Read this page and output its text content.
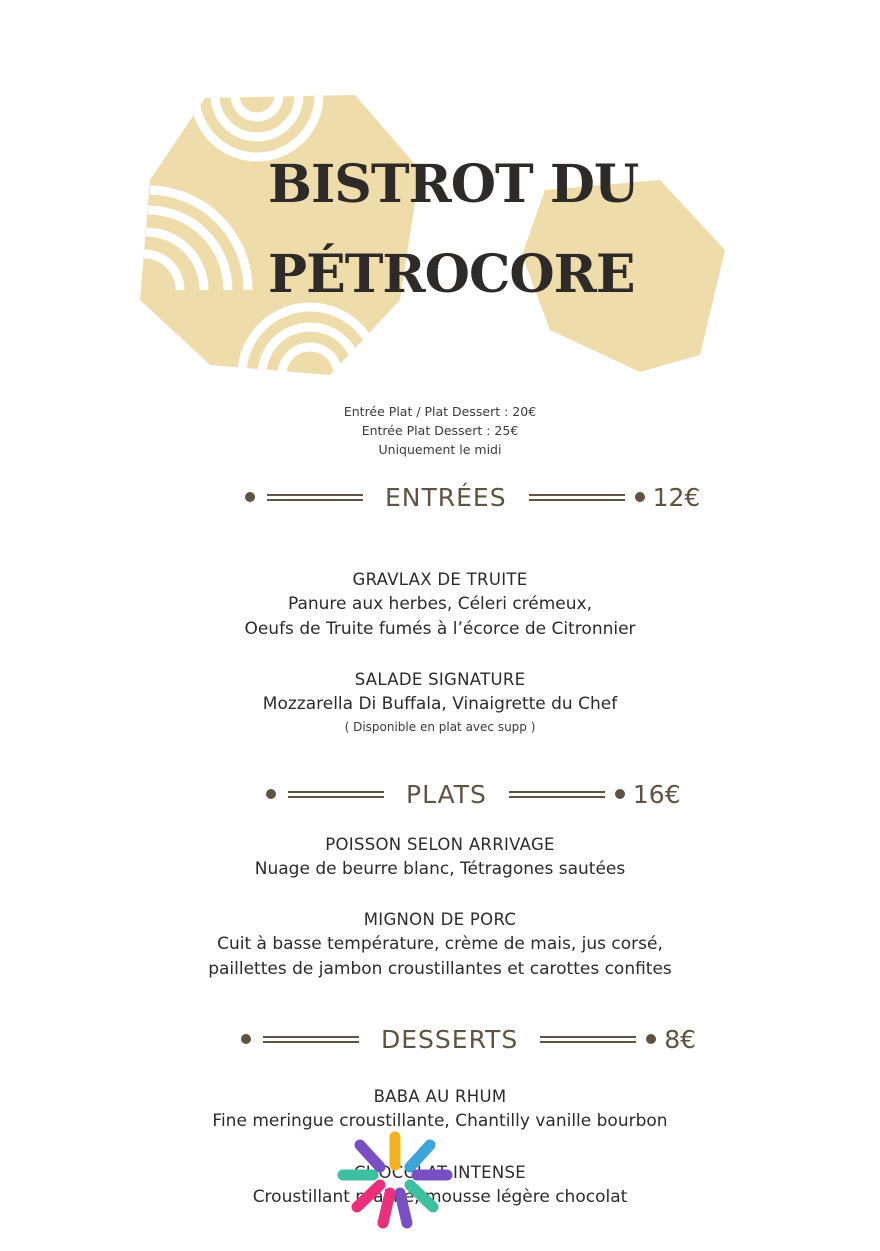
BISTROT DU
PÉTROCORE
Entrée Plat / Plat Dessert : 20€
Entrée Plat Dessert : 25€
Uniquement le midi
ENTRÉES	12€
GRAVLAX DE TRUITE
Panure aux herbes, Céleri crémeux,
Oeufs de Truite fumés à l’écorce de Citronnier
SALADE SIGNATURE
Mozzarella Di Buffala, Vinaigrette du Chef
( Disponible en plat avec supp )
PLATS	16€
POISSON SELON ARRIVAGE
Nuage de beurre blanc, Tétragones sautées
MIGNON DE PORC
Cuit à basse température, crème de mais, jus corsé,
paillettes de jambon croustillantes et carottes confites
DESSERTS	8€
BABA AU RHUM
Fine meringue croustillante, Chantilly vanille bourbon
CHOCOLAT INTENSE
Croustillant praliné, mousse légère chocolat
